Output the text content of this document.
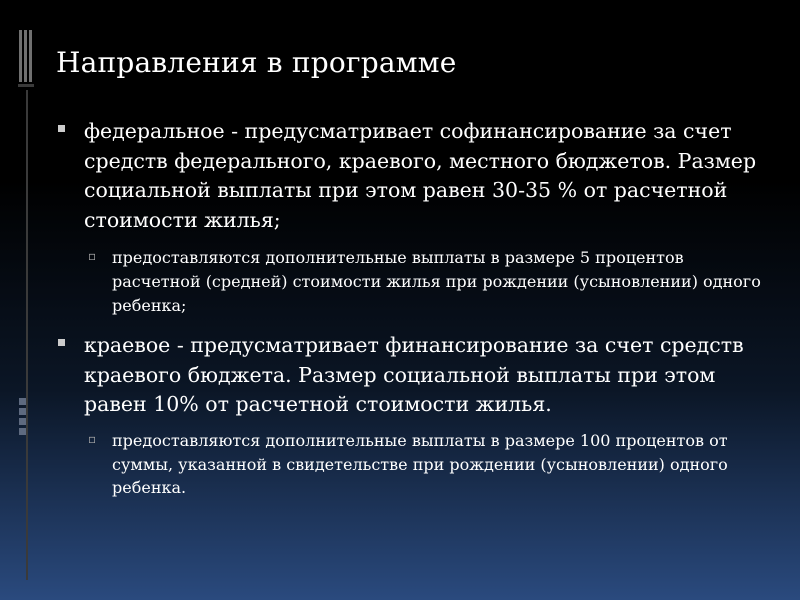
Направления в программе
федеральное - предусматривает софинансирование за счет средств федерального, краевого, местного бюджетов. Размер социальной выплаты при этом равен 30-35 % от расчетной стоимости жилья;
▫ предоставляются дополнительные выплаты в размере 5 процентов расчетной (средней) стоимости жилья при рождении (усыновлении) одного ребенка;
краевое - предусматривает финансирование за счет средств краевого бюджета. Размер социальной выплаты при этом равен 10% от расчетной стоимости жилья.
▫ предоставляются дополнительные выплаты в размере 100 процентов от суммы, указанной в свидетельстве при рождении (усыновлении) одного ребенка.
